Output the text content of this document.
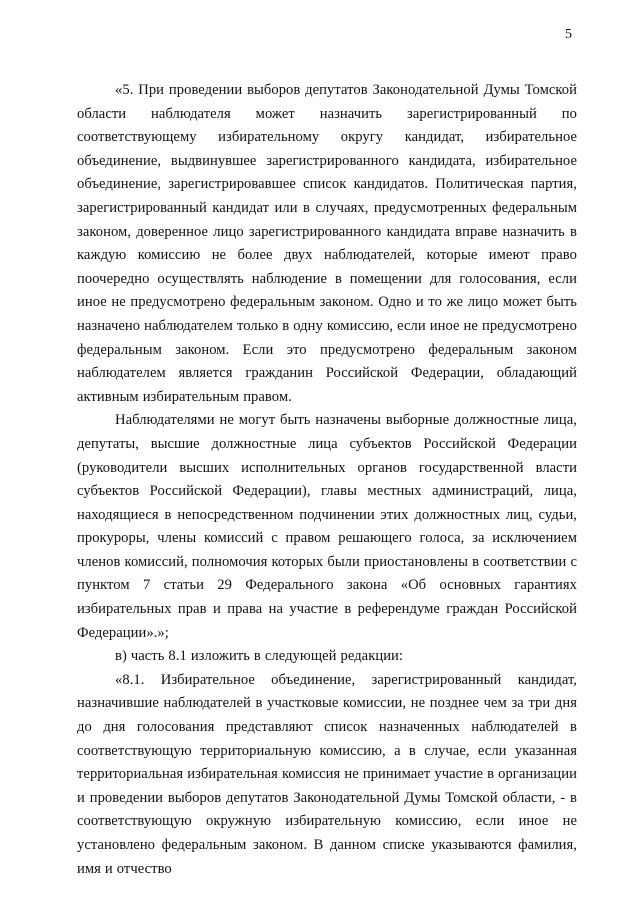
5

«5. При проведении выборов депутатов Законодательной Думы Томской области наблюдателя может назначить зарегистрированный по соответствующему избирательному округу кандидат, избирательное объединение, выдвинувшее зарегистрированного кандидата, избирательное объединение, зарегистрировавшее список кандидатов. Политическая партия, зарегистрированный кандидат или в случаях, предусмотренных федеральным законом, доверенное лицо зарегистрированного кандидата вправе назначить в каждую комиссию не более двух наблюдателей, которые имеют право поочередно осуществлять наблюдение в помещении для голосования, если иное не предусмотрено федеральным законом. Одно и то же лицо может быть назначено наблюдателем только в одну комиссию, если иное не предусмотрено федеральным законом. Если это предусмотрено федеральным законом наблюдателем является гражданин Российской Федерации, обладающий активным избирательным правом.

Наблюдателями не могут быть назначены выборные должностные лица, депутаты, высшие должностные лица субъектов Российской Федерации (руководители высших исполнительных органов государственной власти субъектов Российской Федерации), главы местных администраций, лица, находящиеся в непосредственном подчинении этих должностных лиц, судьи, прокуроры, члены комиссий с правом решающего голоса, за исключением членов комиссий, полномочия которых были приостановлены в соответствии с пунктом 7 статьи 29 Федерального закона «Об основных гарантиях избирательных прав и права на участие в референдуме граждан Российской Федерации».»;

в) часть 8.1 изложить в следующей редакции:

«8.1. Избирательное объединение, зарегистрированный кандидат, назначившие наблюдателей в участковые комиссии, не позднее чем за три дня до дня голосования представляют список назначенных наблюдателей в соответствующую территориальную комиссию, а в случае, если указанная территориальная избирательная комиссия не принимает участие в организации и проведении выборов депутатов Законодательной Думы Томской области, - в соответствующую окружную избирательную комиссию, если иное не установлено федеральным законом. В данном списке указываются фамилия, имя и отчество
